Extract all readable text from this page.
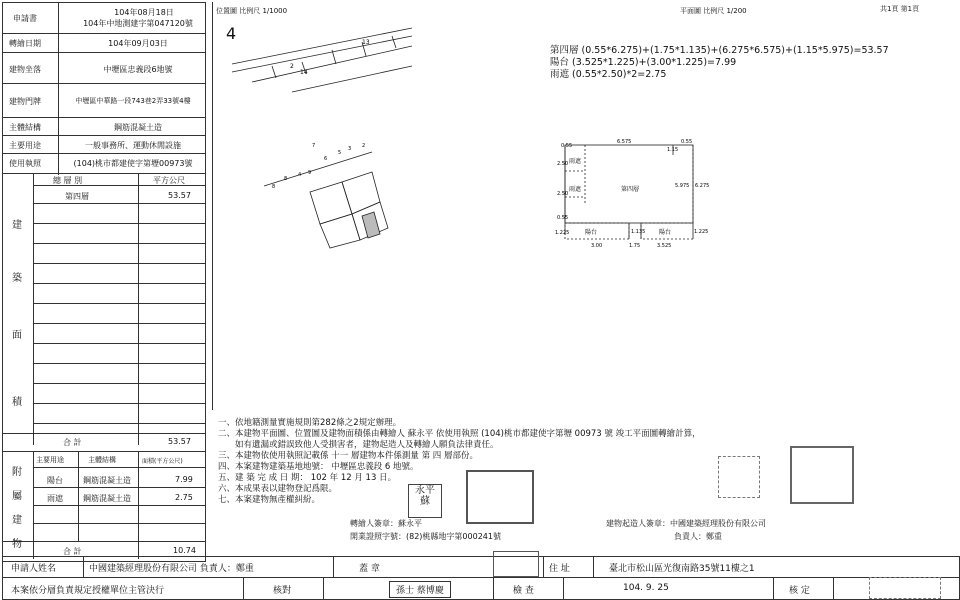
申請書
104年08月18日
104年中地測建字第047120號
轉繪日期	104年09月03日
建物坐落	中壢區忠義段6地號
建物門牌	中壢區中華路一段743巷2弄33號4樓
主體結構	鋼筋混凝土造
主要用途	一般事務所、運動休閒設施
使用執照	(104)桃市都建使字第壢00973號
總 層 別	平方公尺
第四層	53.57
建
築
面
積
合 計	53.57
主要用途	主體結構	面積(平方公尺)
陽台	鋼筋混凝土造	7.99
雨遮	鋼筋混凝土造	2.75
附
屬
建
物
合 計	10.74
位置圖 比例尺 1/1000
4	13
14
2
7
6
5
3 2
8
4 9
8
平面圖 比例尺 1/200	共1頁 第1頁
第四層 (0.55*6.275)+(1.75*1.135)+(6.275*6.575)+(1.15*5.975)=53.57
陽台 (3.525*1.225)+(3.00*1.225)=7.99
雨遮 (0.55*2.50)*2=2.75
0.55
6.575	0.55
1.15
2.50
2.50
0.55
1.225
5.975 6.275
1.225
1.135
3.00	1.75	3.525
雨遮
雨遮	第四層
陽台	陽台
一、依地籍測量實施規則第282條之2規定辦理。
二、本建物平面圖、位置圖及建物面積係由轉繪人 蘇永平 依使用執照 (104)桃市都建使字第壢 00973 號 竣工平面圖轉繪計算，
　　如有遺漏或錯誤致他人受損害者，建物起造人及轉繪人願負法律責任。
三、本建物依使用執照記載係 十一 層建物本件係測量 第 四 層部份。
四、本案建物建築基地地號： 中壢區忠義段 6 地號。
五、建 築 完 成 日 期： 102 年 12 月 13 日。
六、本成果表以建物登記爲限。
七、本案建物無產權糾紛。
轉繪人簽章：蘇永平
開業證照字號：(82)桃縣地字第000241號
永平 蘇
建物起造人簽章：中國建築經理股份有限公司
負責人：鄭重
申請人姓名	中國建築經理股份有限公司 負責人：鄭重	蓋 章	住 址	臺北市松山區光復南路35號11樓之1
本案依分層負責規定授權單位主管決行	核對	孫士 蔡博慶	檢 查	104. 9. 25	核 定
